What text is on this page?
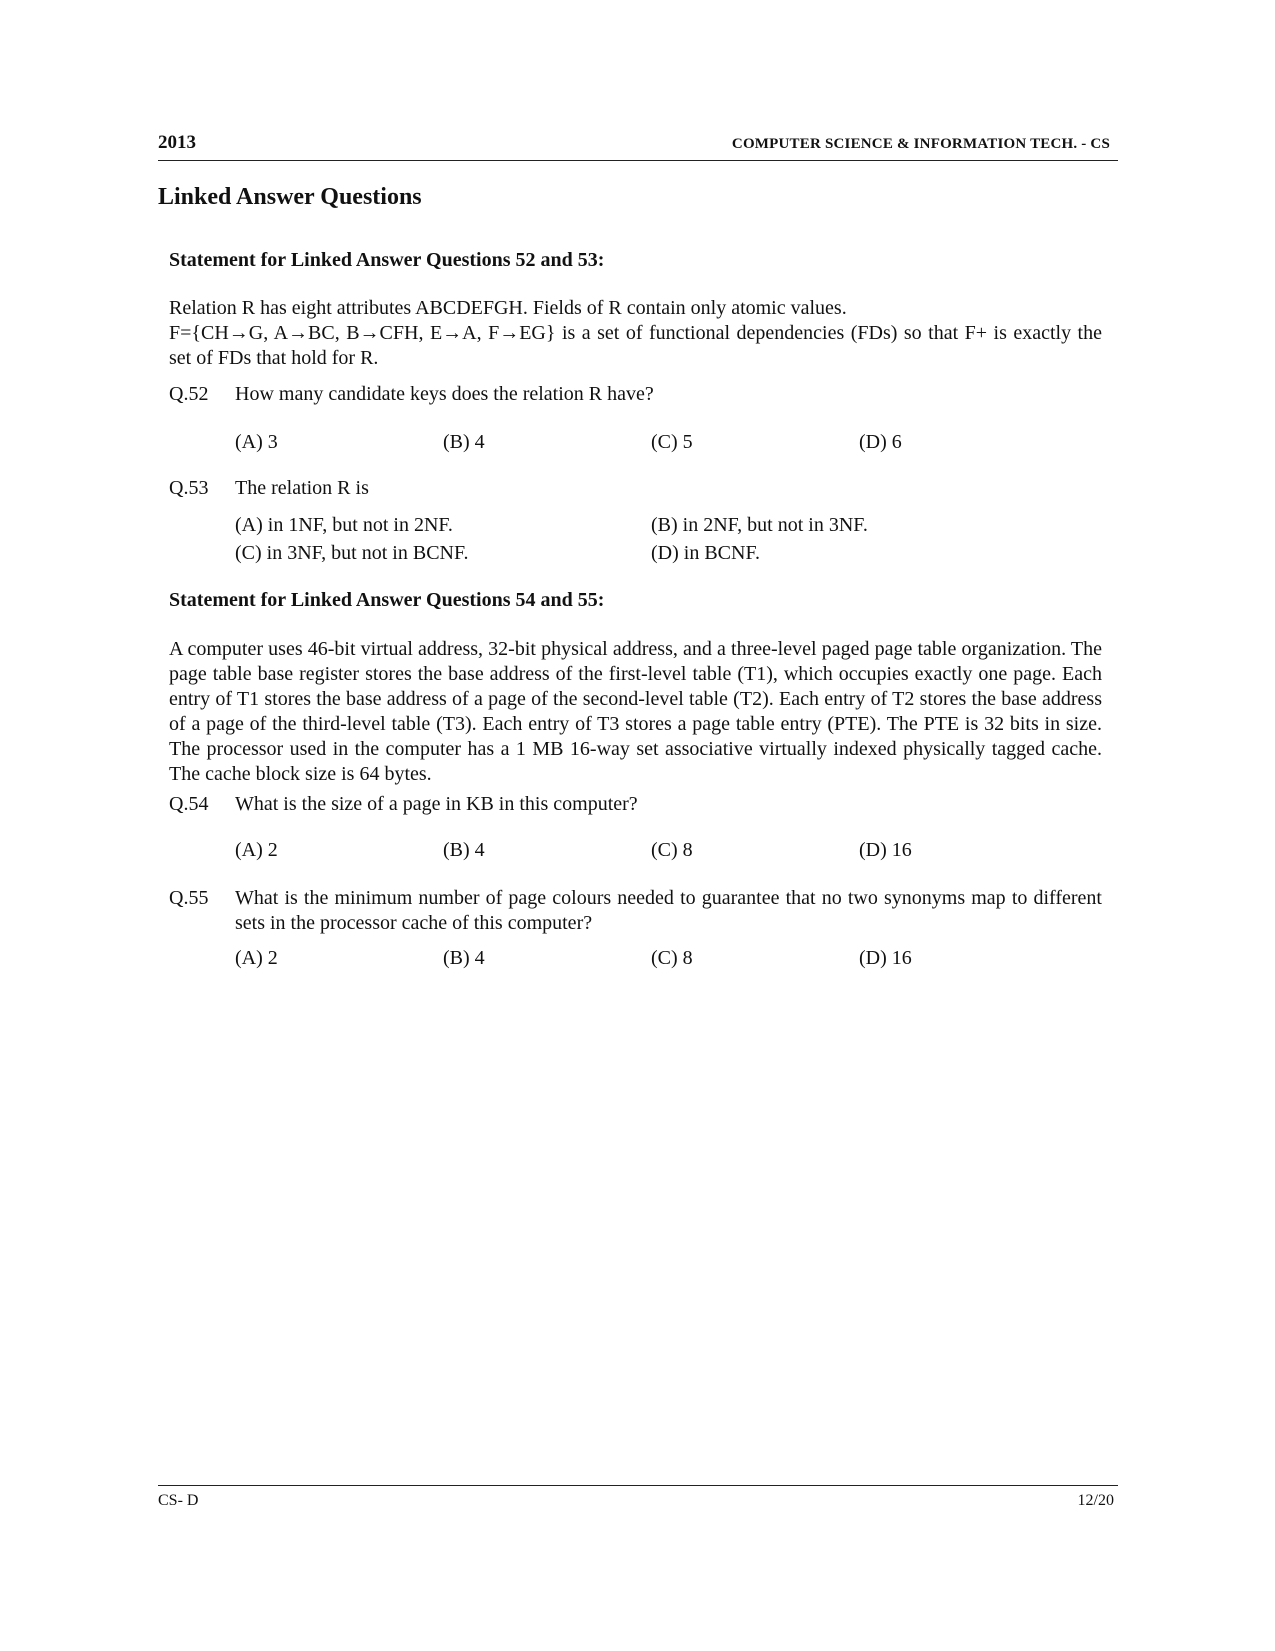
2013	COMPUTER SCIENCE & INFORMATION TECH. - CS
Linked Answer Questions
Statement for Linked Answer Questions 52 and 53:
Relation R has eight attributes ABCDEFGH. Fields of R contain only atomic values.
F={CH→G, A→BC, B→CFH, E→A, F→EG} is a set of functional dependencies (FDs) so that F+ is exactly the set of FDs that hold for R.
Q.52	How many candidate keys does the relation R have?
(A) 3	(B) 4	(C) 5	(D) 6
Q.53	The relation R is
(A) in 1NF, but not in 2NF.	(B) in 2NF, but not in 3NF.
(C) in 3NF, but not in BCNF.	(D) in BCNF.
Statement for Linked Answer Questions 54 and 55:
A computer uses 46-bit virtual address, 32-bit physical address, and a three-level paged page table organization. The page table base register stores the base address of the first-level table (T1), which occupies exactly one page. Each entry of T1 stores the base address of a page of the second-level table (T2). Each entry of T2 stores the base address of a page of the third-level table (T3). Each entry of T3 stores a page table entry (PTE). The PTE is 32 bits in size. The processor used in the computer has a 1 MB 16-way set associative virtually indexed physically tagged cache. The cache block size is 64 bytes.
Q.54	What is the size of a page in KB in this computer?
(A) 2	(B) 4	(C) 8	(D) 16
Q.55	What is the minimum number of page colours needed to guarantee that no two synonyms map to different sets in the processor cache of this computer?
(A) 2	(B) 4	(C) 8	(D) 16
CS- D	12/20
